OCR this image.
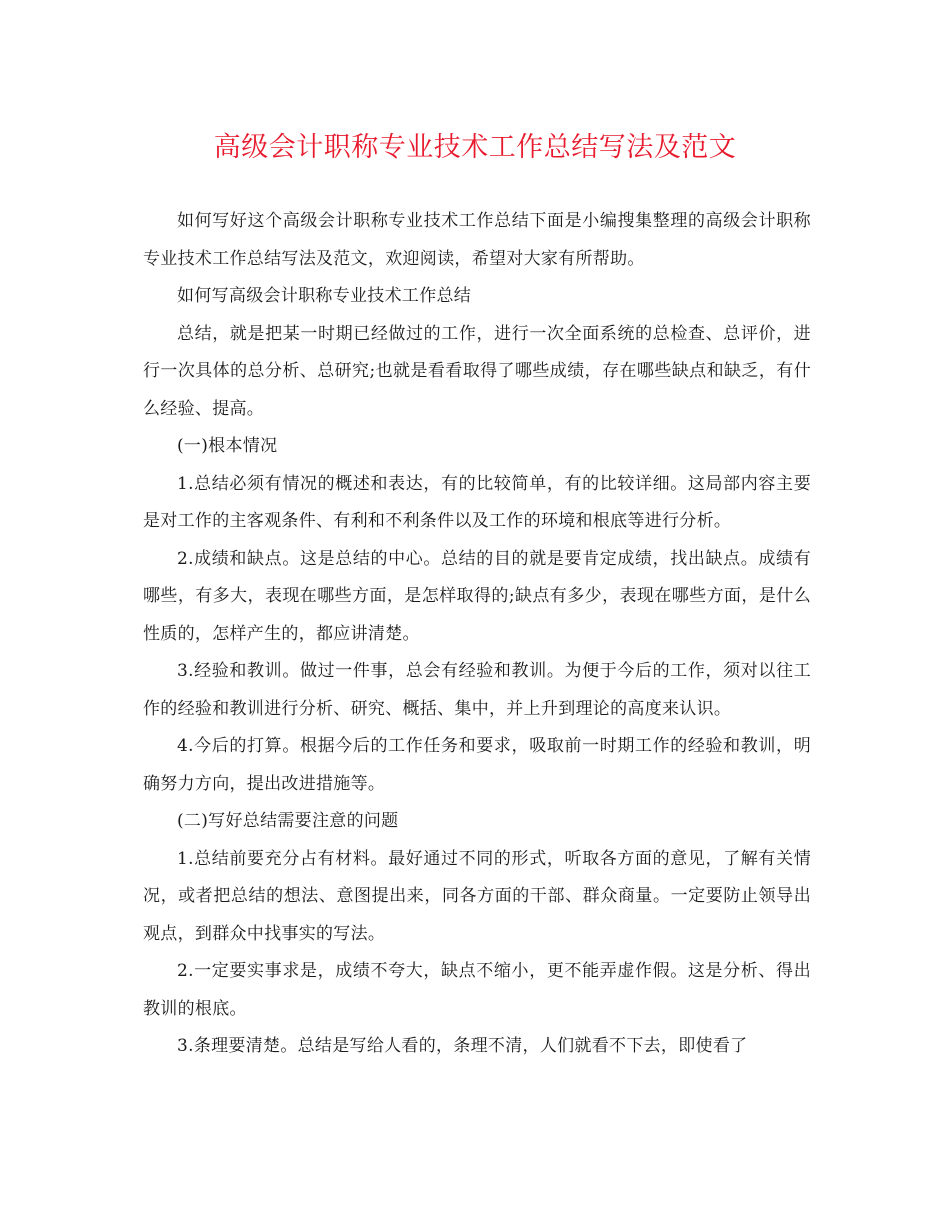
高级会计职称专业技术工作总结写法及范文

如何写好这个高级会计职称专业技术工作总结下面是小编搜集整理的高级会计职称专业技术工作总结写法及范文，欢迎阅读，希望对大家有所帮助。

如何写高级会计职称专业技术工作总结

总结，就是把某一时期已经做过的工作，进行一次全面系统的总检查、总评价，进行一次具体的总分析、总研究;也就是看看取得了哪些成绩，存在哪些缺点和缺乏，有什么经验、提高。

(一)根本情况

1.总结必须有情况的概述和表达，有的比较简单，有的比较详细。这局部内容主要是对工作的主客观条件、有利和不利条件以及工作的环境和根底等进行分析。

2.成绩和缺点。这是总结的中心。总结的目的就是要肯定成绩，找出缺点。成绩有哪些，有多大，表现在哪些方面，是怎样取得的;缺点有多少，表现在哪些方面，是什么性质的，怎样产生的，都应讲清楚。

3.经验和教训。做过一件事，总会有经验和教训。为便于今后的工作，须对以往工作的经验和教训进行分析、研究、概括、集中，并上升到理论的高度来认识。

4.今后的打算。根据今后的工作任务和要求，吸取前一时期工作的经验和教训，明确努力方向，提出改进措施等。

(二)写好总结需要注意的问题

1.总结前要充分占有材料。最好通过不同的形式，听取各方面的意见，了解有关情况，或者把总结的想法、意图提出来，同各方面的干部、群众商量。一定要防止领导出观点，到群众中找事实的写法。

2.一定要实事求是，成绩不夸大，缺点不缩小，更不能弄虚作假。这是分析、得出教训的根底。

3.条理要清楚。总结是写给人看的，条理不清，人们就看不下去，即使看了
